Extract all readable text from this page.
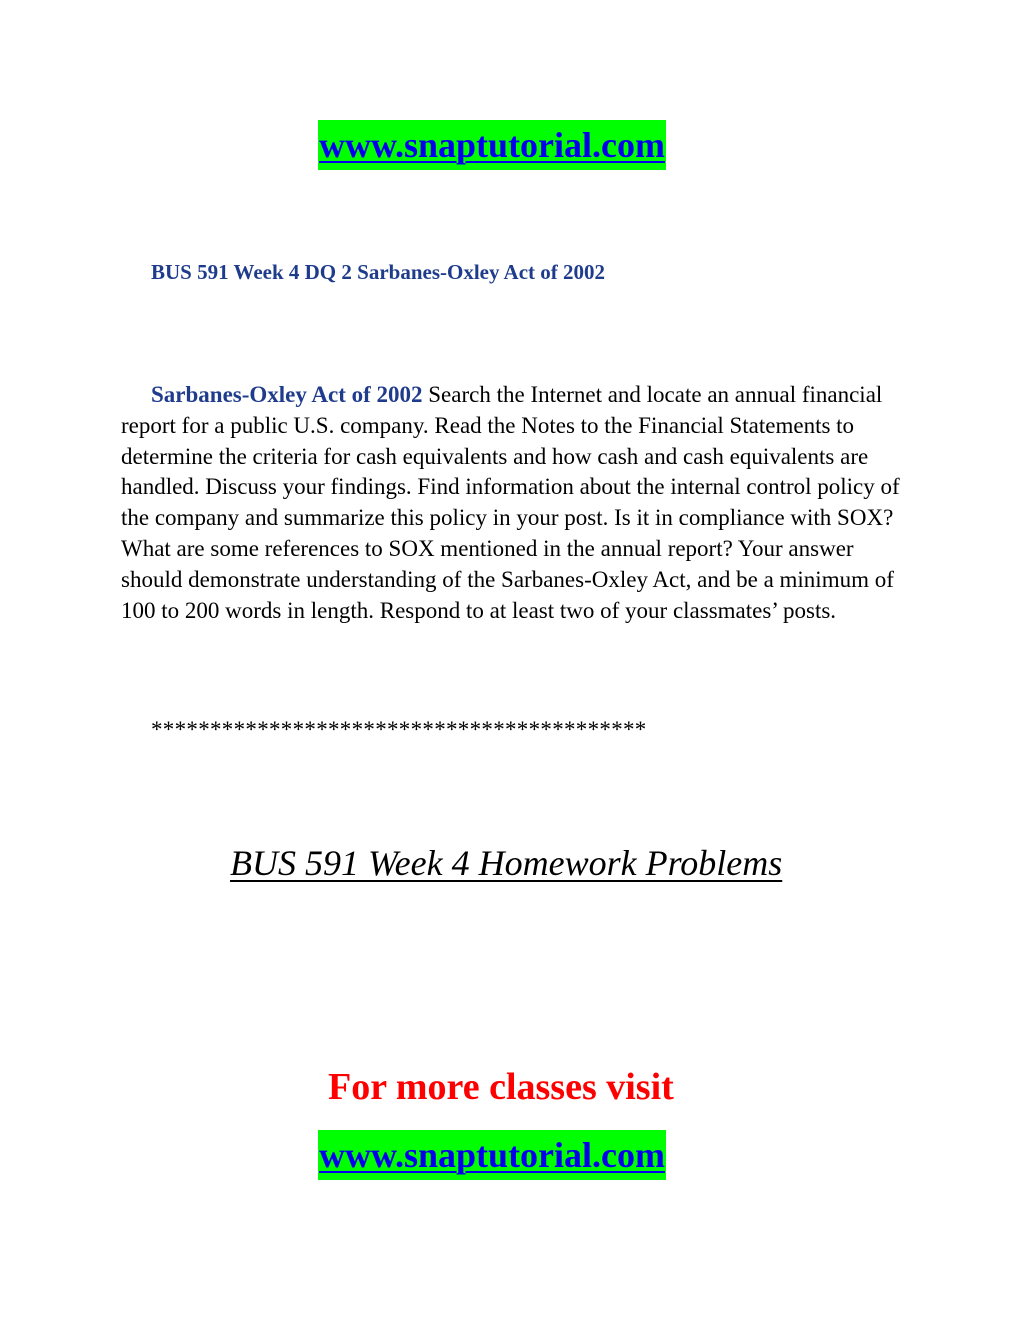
www.snaptutorial.com
BUS 591 Week 4 DQ 2 Sarbanes-Oxley Act of 2002

Sarbanes-Oxley Act of 2002 Search the Internet and locate an annual financial report for a public U.S. company. Read the Notes to the Financial Statements to determine the criteria for cash equivalents and how cash and cash equivalents are handled. Discuss your findings. Find information about the internal control policy of the company and summarize this policy in your post. Is it in compliance with SOX? What are some references to SOX mentioned in the annual report? Your answer should demonstrate understanding of the Sarbanes-Oxley Act, and be a minimum of 100 to 200 words in length. Respond to at least two of your classmates’ posts.

******************************************
BUS 591 Week 4 Homework Problems
For more classes visit
www.snaptutorial.com
